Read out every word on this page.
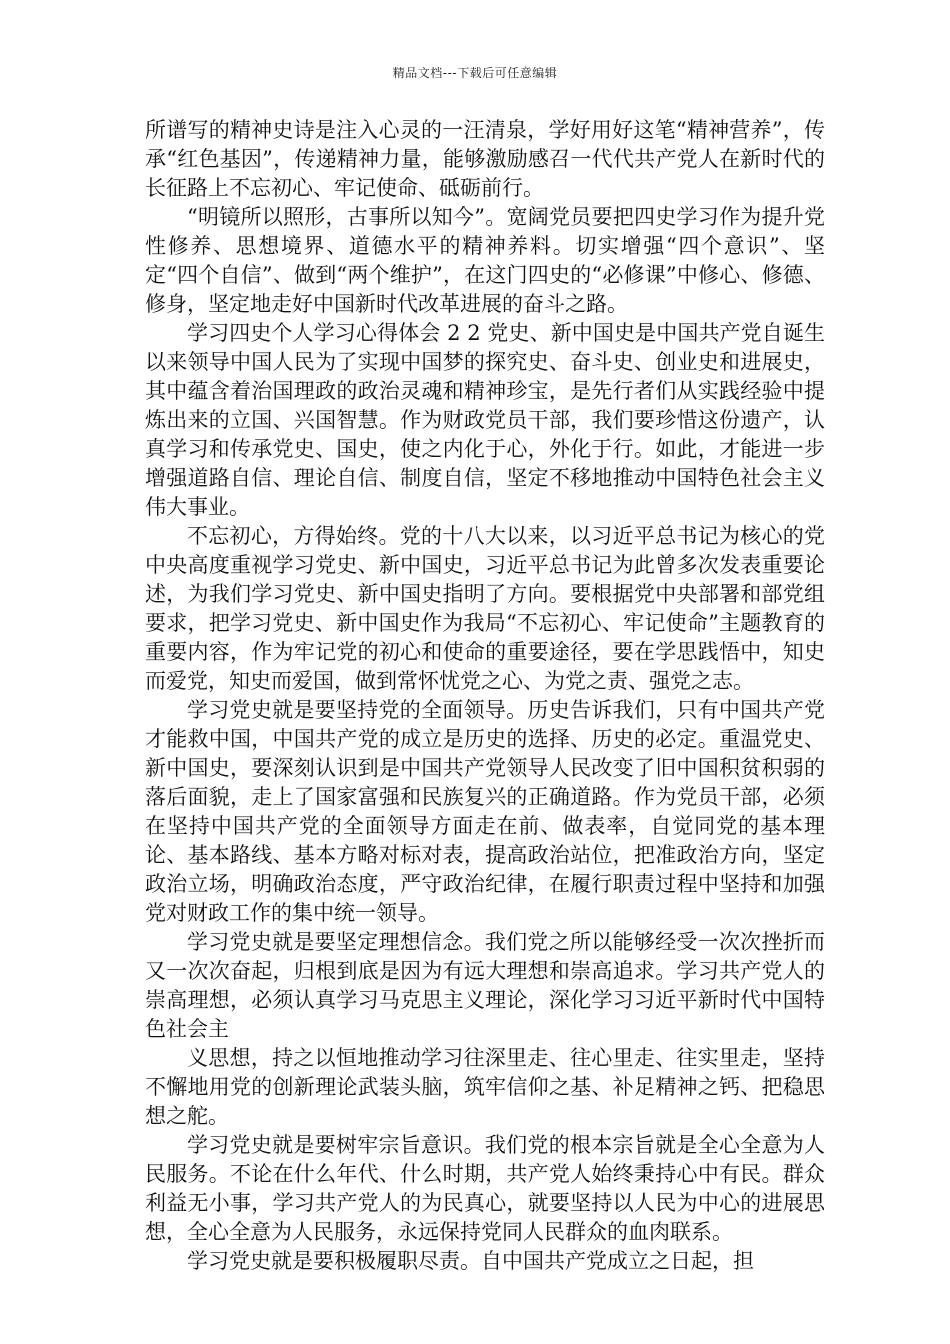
精品文档---下载后可任意编辑

所谱写的精神史诗是注入心灵的一汪清泉，学好用好这笔“精神营养”，传承“红色基因”，传递精神力量，能够激励感召一代代共产党人在新时代的长征路上不忘初心、牢记使命、砥砺前行。

“明镜所以照形，古事所以知今”。宽阔党员要把四史学习作为提升党性修养、思想境界、道德水平的精神养料。切实增强“四个意识”、坚定“四个自信”、做到“两个维护”，在这门四史的“必修课”中修心、修德、修身，坚定地走好中国新时代改革进展的奋斗之路。

学习四史个人学习心得体会 2 2 党史、新中国史是中国共产党自诞生以来领导中国人民为了实现中国梦的探究史、奋斗史、创业史和进展史，其中蕴含着治国理政的政治灵魂和精神珍宝，是先行者们从实践经验中提炼出来的立国、兴国智慧。作为财政党员干部，我们要珍惜这份遗产，认真学习和传承党史、国史，使之内化于心，外化于行。如此，才能进一步增强道路自信、理论自信、制度自信，坚定不移地推动中国特色社会主义伟大事业。

不忘初心，方得始终。党的十八大以来，以习近平总书记为核心的党中央高度重视学习党史、新中国史，习近平总书记为此曾多次发表重要论述，为我们学习党史、新中国史指明了方向。要根据党中央部署和部党组要求，把学习党史、新中国史作为我局“不忘初心、牢记使命”主题教育的重要内容，作为牢记党的初心和使命的重要途径，要在学思践悟中，知史而爱党，知史而爱国，做到常怀忧党之心、为党之责、强党之志。

学习党史就是要坚持党的全面领导。历史告诉我们，只有中国共产党才能救中国，中国共产党的成立是历史的选择、历史的必定。重温党史、新中国史，要深刻认识到是中国共产党领导人民改变了旧中国积贫积弱的落后面貌，走上了国家富强和民族复兴的正确道路。作为党员干部，必须在坚持中国共产党的全面领导方面走在前、做表率，自觉同党的基本理论、基本路线、基本方略对标对表，提高政治站位，把准政治方向，坚定政治立场，明确政治态度，严守政治纪律，在履行职责过程中坚持和加强党对财政工作的集中统一领导。

学习党史就是要坚定理想信念。我们党之所以能够经受一次次挫折而又一次次奋起，归根到底是因为有远大理想和崇高追求。学习共产党人的崇高理想，必须认真学习马克思主义理论，深化学习习近平新时代中国特色社会主

义思想，持之以恒地推动学习往深里走、往心里走、往实里走，坚持不懈地用党的创新理论武装头脑，筑牢信仰之基、补足精神之钙、把稳思想之舵。

学习党史就是要树牢宗旨意识。我们党的根本宗旨就是全心全意为人民服务。不论在什么年代、什么时期，共产党人始终秉持心中有民。群众利益无小事，学习共产党人的为民真心，就要坚持以人民为中心的进展思想，全心全意为人民服务，永远保持党同人民群众的血肉联系。

学习党史就是要积极履职尽责。自中国共产党成立之日起，担
